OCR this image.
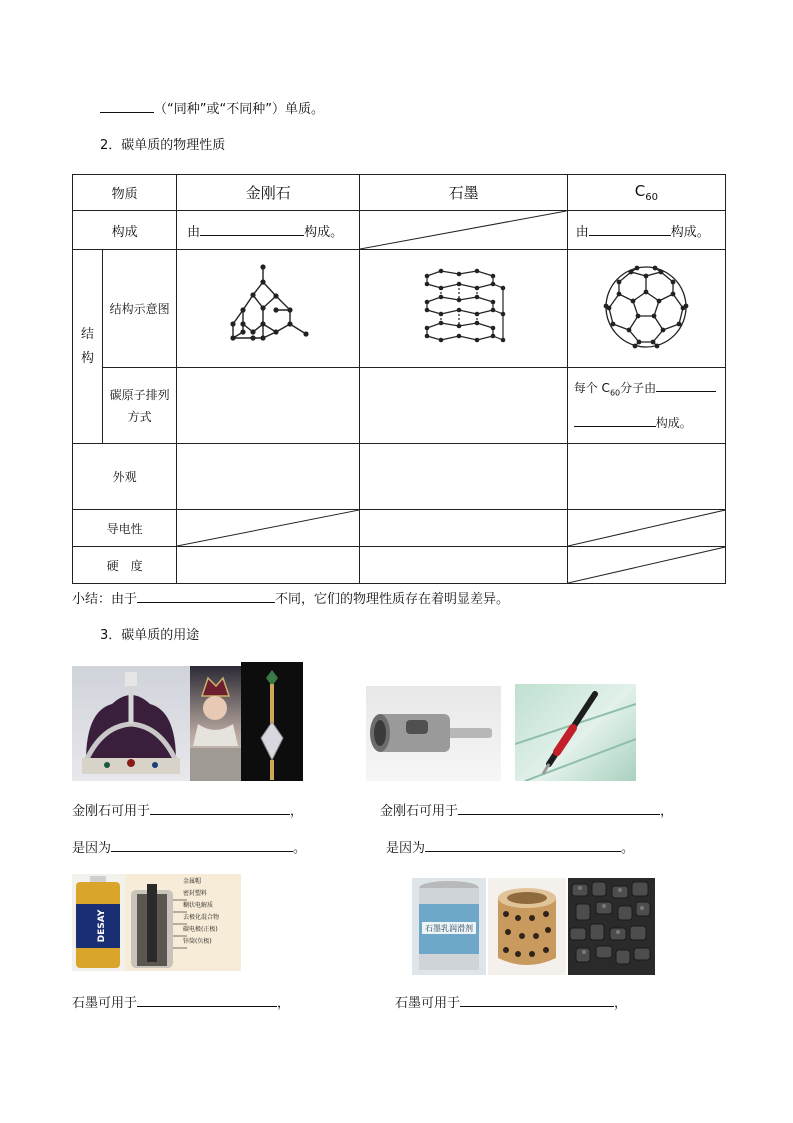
（“同种”或“不同种”）单质。
2．碳单质的物理性质
物质		金刚石	石墨	$C_{60}$
构成		由 构成。		由 构成。

结构	结构示意图			
	碳原子排列方式			每个 $C_{60}$分子由
构成。

外观				
导电性	

硬　度			
小结：由于	不同，它们的物理性质存在着明显差异。
3．碳单质的用途
金刚石可用于	，	金刚石可用于	，
是因为	。	是因为	。
DESAY
金属帽
密封塑料
糊状电解质
去极化混合物
碳电极(正极)
锌筒(负极)
石墨乳润滑剂
石墨可用于	，	石墨可用于	，
